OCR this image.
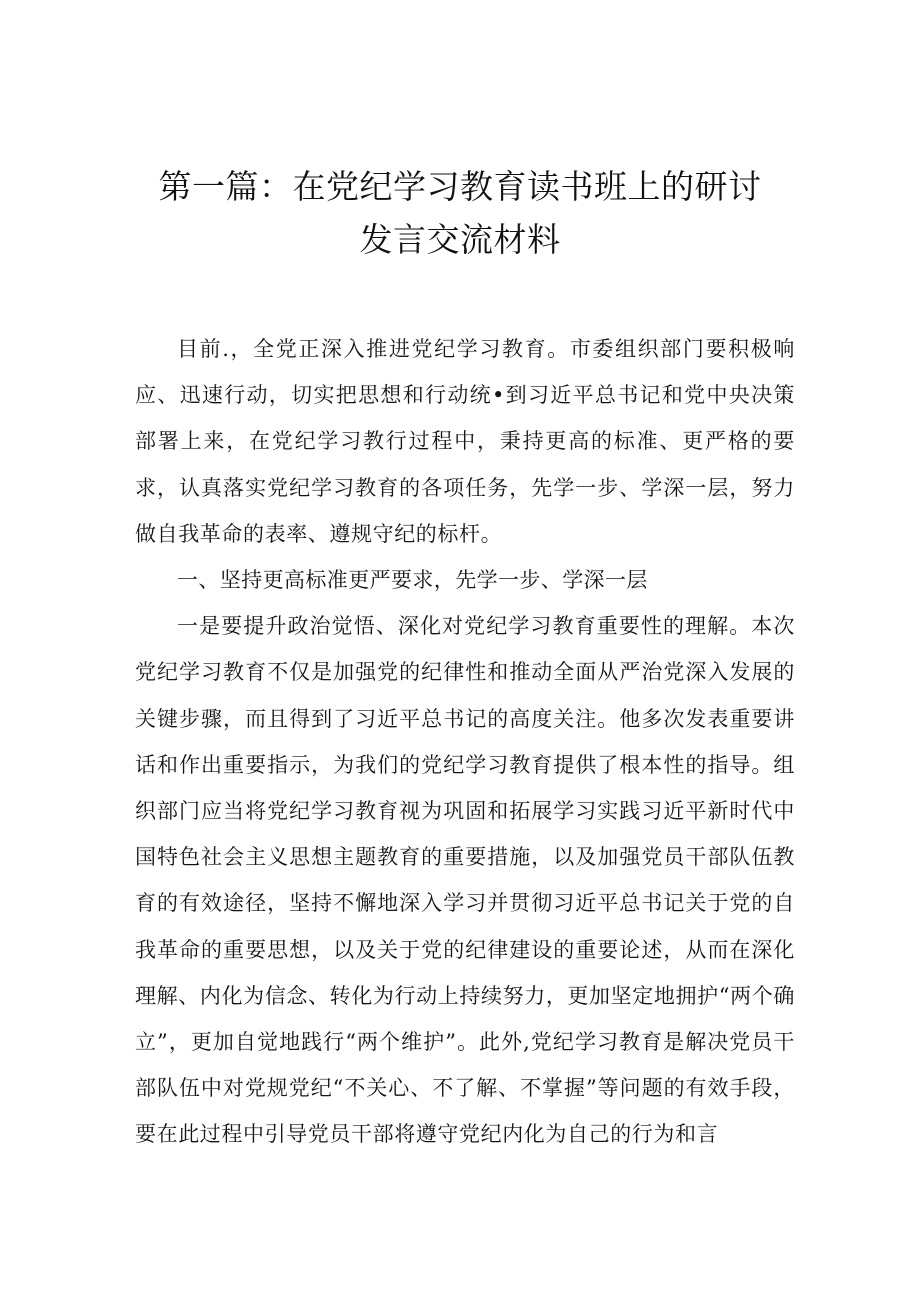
第一篇：在党纪学习教育读书班上的研讨
发言交流材料

目前.，全党正深入推进党纪学习教育。市委组织部门要积极响应、迅速行动，切实把思想和行动统•到习近平总书记和党中央决策部署上来，在党纪学习教行过程中，秉持更高的标准、更严格的要求，认真落实党纪学习教育的各项任务，先学一步、学深一层，努力做自我革命的表率、遵规守纪的标杆。

一、坚持更高标准更严要求，先学一步、学深一层

一是要提升政治觉悟、深化对党纪学习教育重要性的理解。本次党纪学习教育不仅是加强党的纪律性和推动全面从严治党深入发展的关键步骤，而且得到了习近平总书记的高度关注。他多次发表重要讲话和作出重要指示，为我们的党纪学习教育提供了根本性的指导。组织部门应当将党纪学习教育视为巩固和拓展学习实践习近平新时代中国特色社会主义思想主题教育的重要措施，以及加强党员干部队伍教育的有效途径，坚持不懈地深入学习并贯彻习近平总书记关于党的自我革命的重要思想，以及关于党的纪律建设的重要论述，从而在深化理解、内化为信念、转化为行动上持续努力，更加坚定地拥护“两个确立”，更加自觉地践行“两个维护”。此外,党纪学习教育是解决党员干部队伍中对党规党纪“不关心、不了解、不掌握”等问题的有效手段，要在此过程中引导党员干部将遵守党纪内化为自己的行为和言
